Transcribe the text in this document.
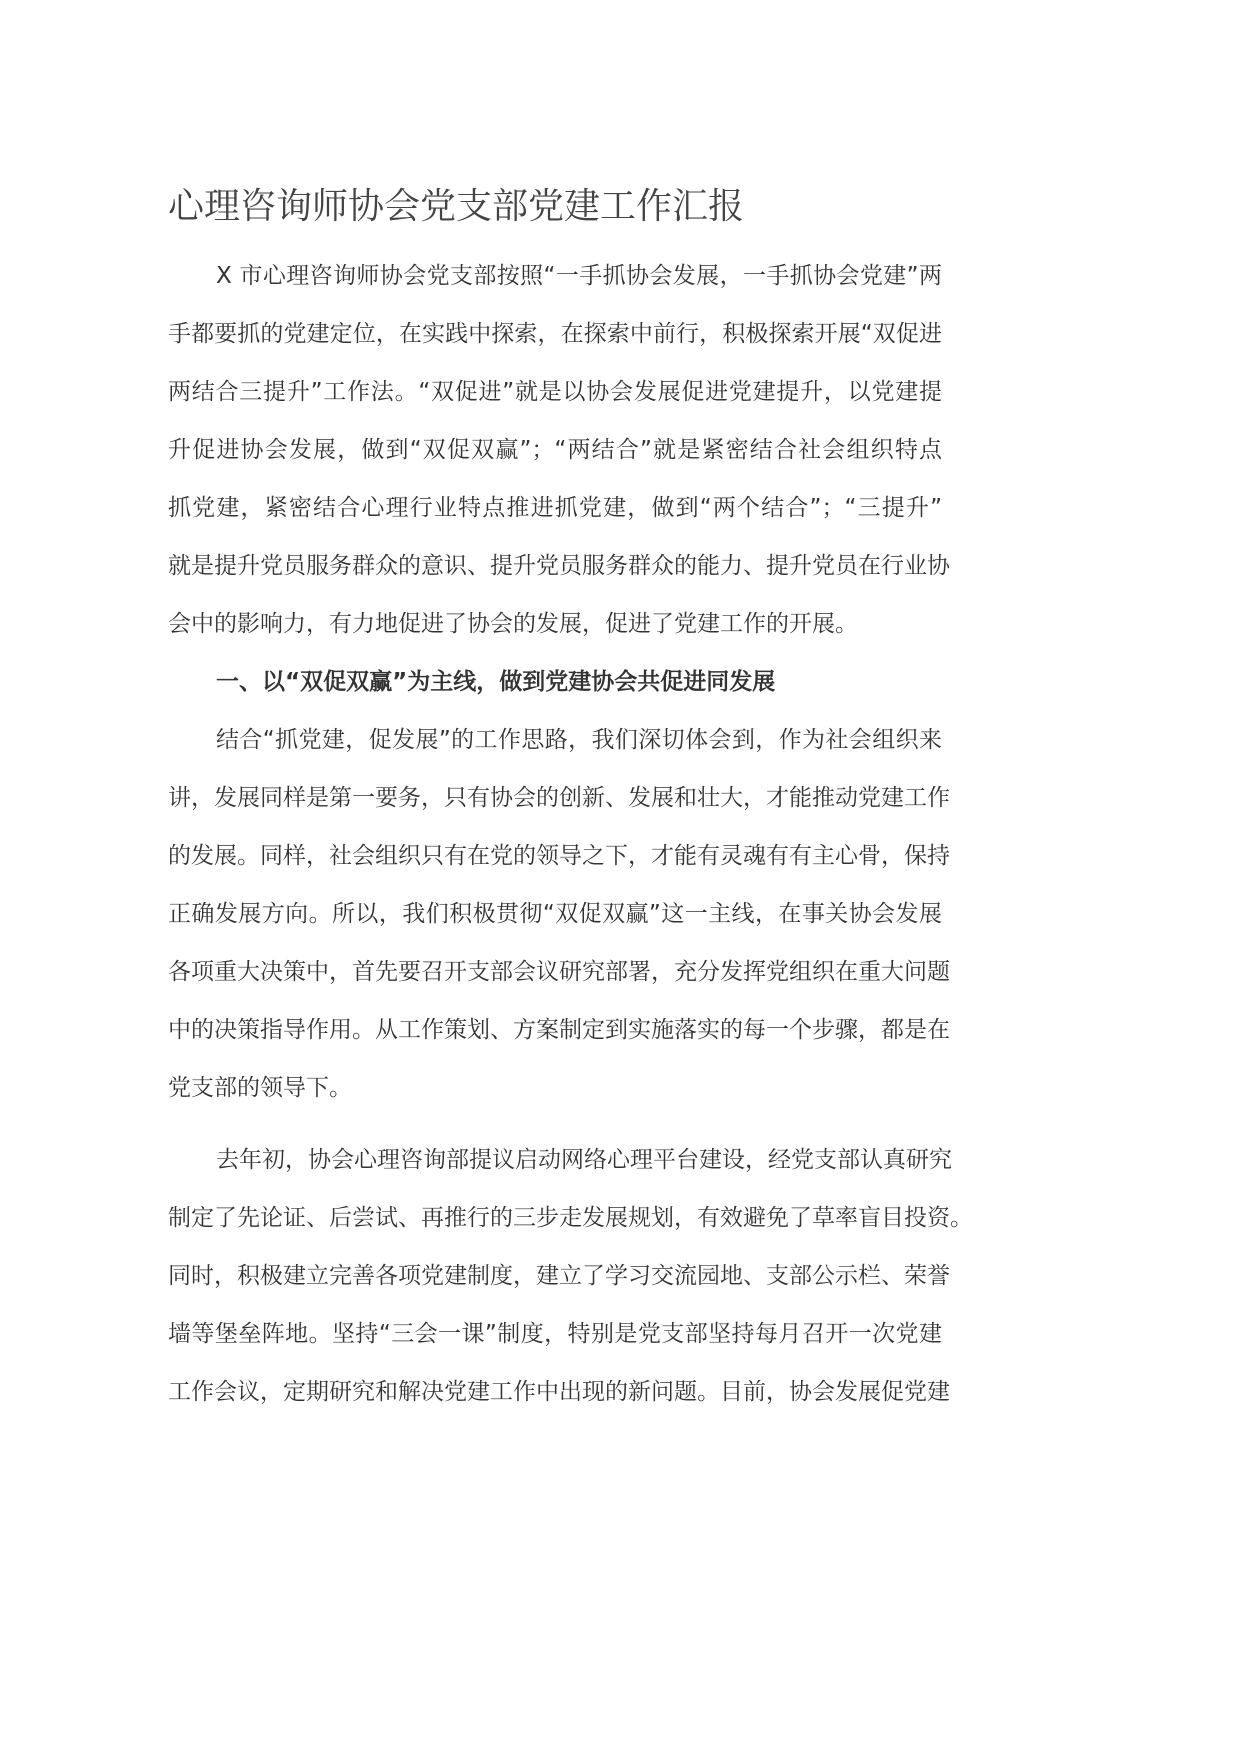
心理咨询师协会党支部党建工作汇报
X 市心理咨询师协会党支部按照“一手抓协会发展，一手抓协会党建”两
手都要抓的党建定位，在实践中探索，在探索中前行，积极探索开展“双促进
两结合三提升”工作法。“双促进”就是以协会发展促进党建提升，以党建提
升促进协会发展，做到“双促双赢”；“两结合”就是紧密结合社会组织特点
抓党建，紧密结合心理行业特点推进抓党建，做到“两个结合”；“三提升”
就是提升党员服务群众的意识、提升党员服务群众的能力、提升党员在行业协
会中的影响力，有力地促进了协会的发展，促进了党建工作的开展。
一、以“双促双赢”为主线，做到党建协会共促进同发展
结合“抓党建，促发展”的工作思路，我们深切体会到，作为社会组织来
讲，发展同样是第一要务，只有协会的创新、发展和壮大，才能推动党建工作
的发展。同样，社会组织只有在党的领导之下，才能有灵魂有有主心骨，保持
正确发展方向。所以，我们积极贯彻“双促双赢”这一主线，在事关协会发展
各项重大决策中，首先要召开支部会议研究部署，充分发挥党组织在重大问题
中的决策指导作用。从工作策划、方案制定到实施落实的每一个步骤，都是在
党支部的领导下。
去年初，协会心理咨询部提议启动网络心理平台建设，经党支部认真研究
制定了先论证、后尝试、再推行的三步走发展规划，有效避免了草率盲目投资。
同时，积极建立完善各项党建制度，建立了学习交流园地、支部公示栏、荣誉
墙等堡垒阵地。坚持“三会一课”制度，特别是党支部坚持每月召开一次党建
工作会议，定期研究和解决党建工作中出现的新问题。目前，协会发展促党建
